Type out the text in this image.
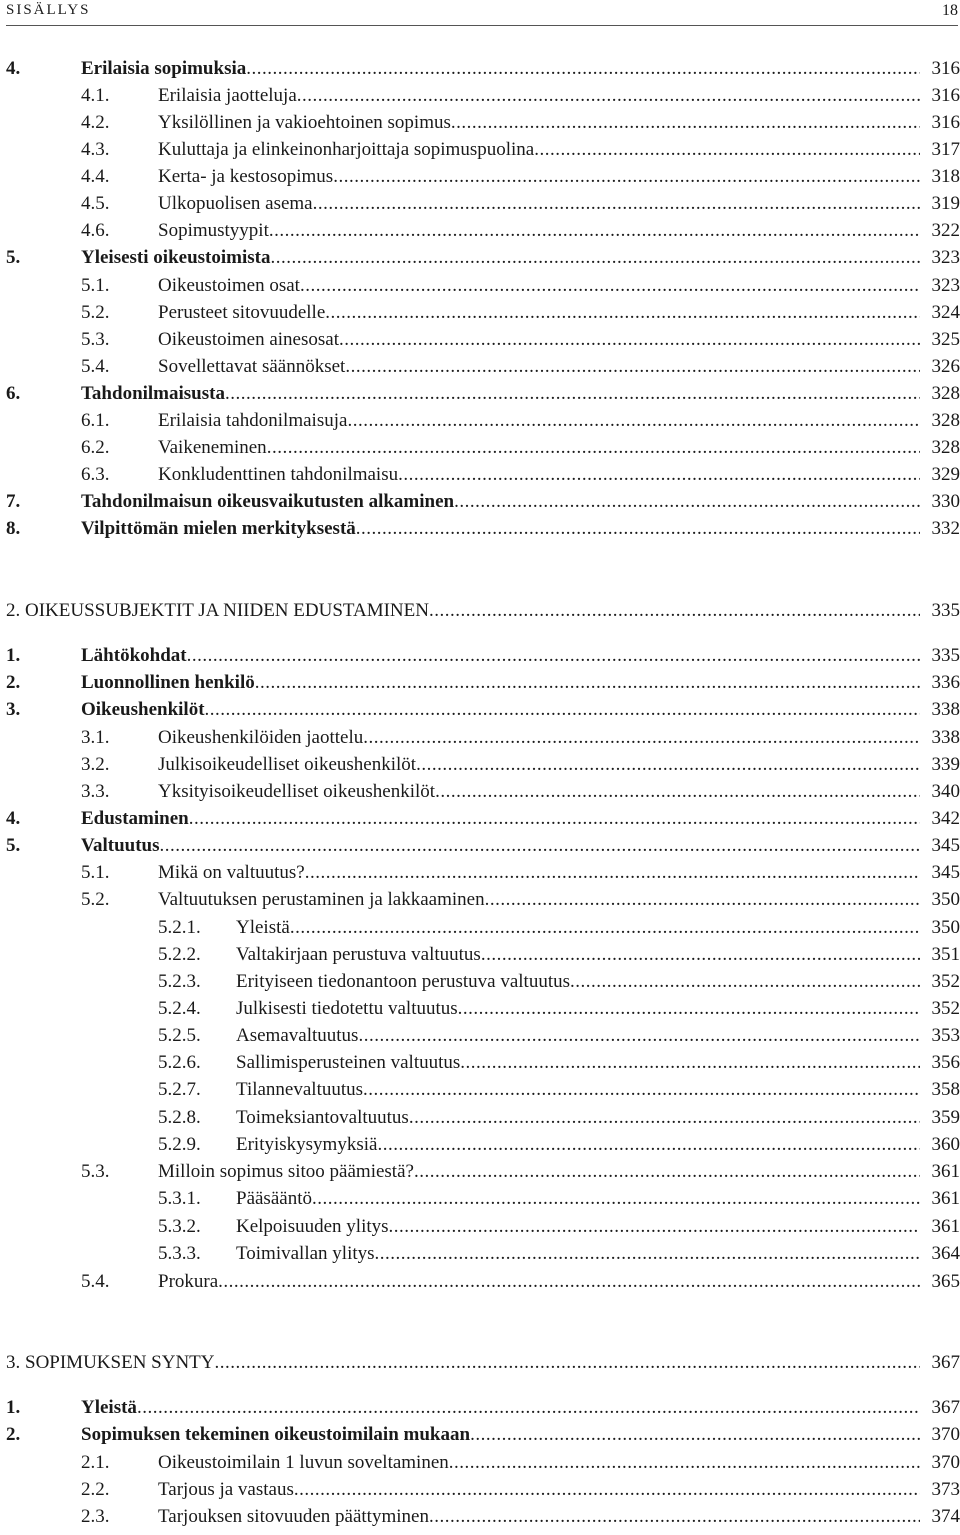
SISÄLLYS	18
4.	Erilaisia sopimuksia .....	316
4.1.	Erilaisia jaotteluja .....	316
4.2.	Yksilöllinen ja vakioehtoinen sopimus .....	316
4.3.	Kuluttaja ja elinkeinonharjoittaja sopimuspuolina .....	317
4.4.	Kerta- ja kestosopimus .....	318
4.5.	Ulkopuolisen asema .....	319
4.6.	Sopimustyypit .....	322
5.	Yleisesti oikeustoimista .....	323
5.1.	Oikeustoimen osat .....	323
5.2.	Perusteet sitovuudelle .....	324
5.3.	Oikeustoimen ainesosat .....	325
5.4.	Sovellettavat säännökset .....	326
6.	Tahdonilmaisusta .....	328
6.1.	Erilaisia tahdonilmaisuja .....	328
6.2.	Vaikeneminen .....	328
6.3.	Konkludenttinen tahdonilmaisu .....	329
7.	Tahdonilmaisun oikeusvaikutusten alkaminen .....	330
8.	Vilpittömän mielen merkityksestä .....	332
2. OIKEUSSUBJEKTIT JA NIIDEN EDUSTAMINEN .....	335
1.	Lähtökohdat .....	335
2.	Luonnollinen henkilö .....	336
3.	Oikeushenkilöt .....	338
3.1.	Oikeushenkilöiden jaottelu .....	338
3.2.	Julkisoikeudelliset oikeushenkilöt .....	339
3.3.	Yksityisoikeudelliset oikeushenkilöt .....	340
4.	Edustaminen .....	342
5.	Valtuutus .....	345
5.1.	Mikä on valtuutus? .....	345
5.2.	Valtuutuksen perustaminen ja lakkaaminen .....	350
5.2.1. Yleistä .....	350
5.2.2. Valtakirjaan perustuva valtuutus .....	351
5.2.3. Erityiseen tiedonantoon perustuva valtuutus .....	352
5.2.4. Julkisesti tiedotettu valtuutus .....	352
5.2.5. Asemavaltuutus .....	353
5.2.6. Sallimisperusteinen valtuutus .....	356
5.2.7. Tilannevaltuutus .....	358
5.2.8. Toimeksiantovaltuutus .....	359
5.2.9. Erityiskysymyksiä .....	360
5.3.	Milloin sopimus sitoo päämiestä? .....	361
5.3.1. Pääsääntö .....	361
5.3.2. Kelpoisuuden ylitys .....	361
5.3.3. Toimivallan ylitys .....	364
5.4.	Prokura .....	365
3. SOPIMUKSEN SYNTY .....	367
1.	Yleistä .....	367
2.	Sopimuksen tekeminen oikeustoimilain mukaan .....	370
2.1.	Oikeustoimilain 1 luvun soveltaminen .....	370
2.2.	Tarjous ja vastaus .....	373
2.3.	Tarjouksen sitovuuden päättyminen .....	374
